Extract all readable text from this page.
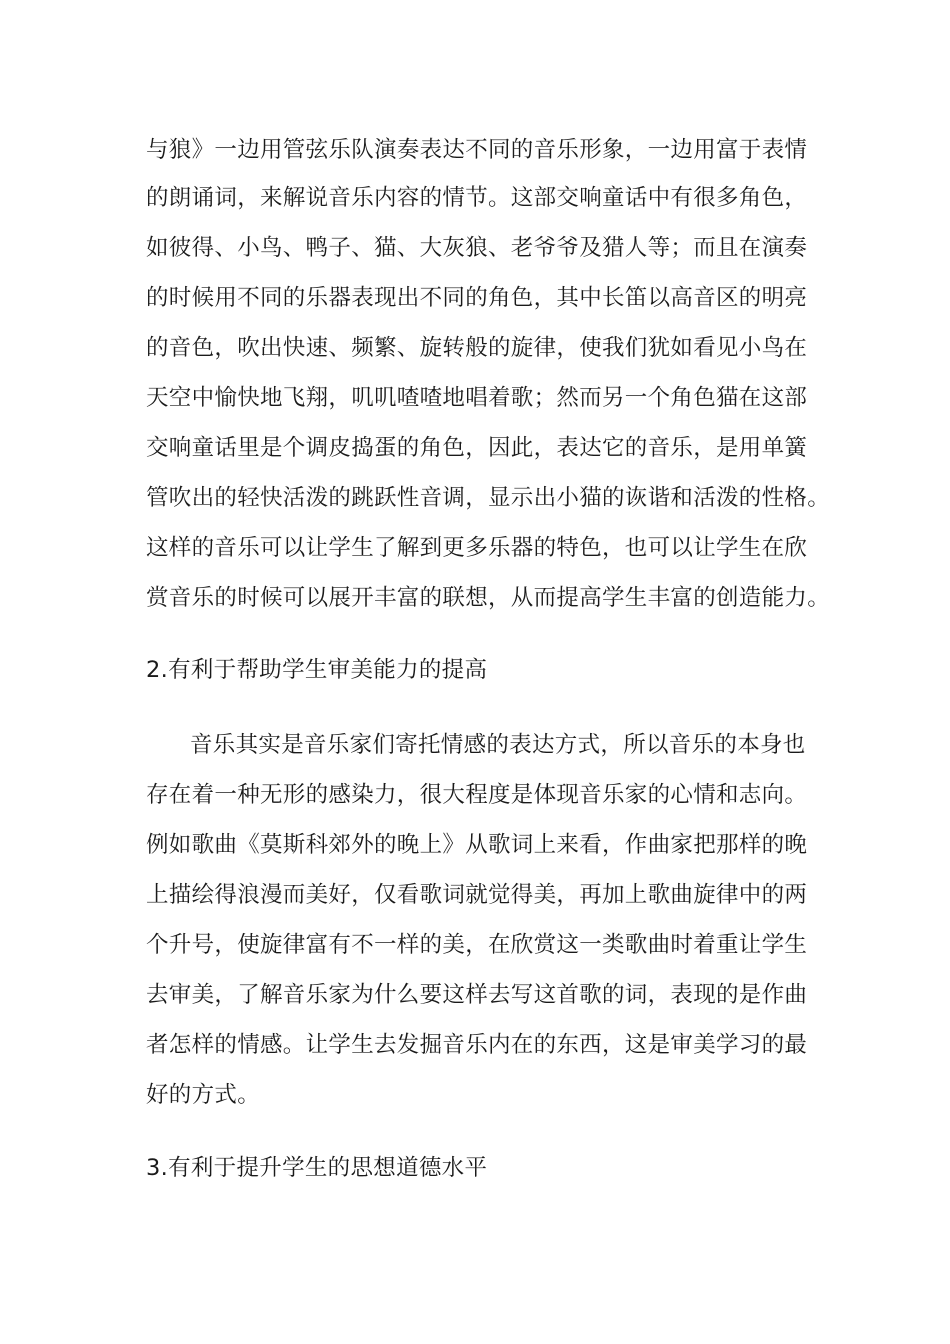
与狼》一边用管弦乐队演奏表达不同的音乐形象，一边用富于表情
的朗诵词，来解说音乐内容的情节。这部交响童话中有很多角色，
如彼得、小鸟、鸭子、猫、大灰狼、老爷爷及猎人等；而且在演奏
的时候用不同的乐器表现出不同的角色，其中长笛以高音区的明亮
的音色，吹出快速、频繁、旋转般的旋律，使我们犹如看见小鸟在
天空中愉快地飞翔，叽叽喳喳地唱着歌；然而另一个角色猫在这部
交响童话里是个调皮捣蛋的角色，因此，表达它的音乐，是用单簧
管吹出的轻快活泼的跳跃性音调，显示出小猫的诙谐和活泼的性格。
这样的音乐可以让学生了解到更多乐器的特色，也可以让学生在欣
赏音乐的时候可以展开丰富的联想，从而提高学生丰富的创造能力。
2.有利于帮助学生审美能力的提高
音乐其实是音乐家们寄托情感的表达方式，所以音乐的本身也
存在着一种无形的感染力，很大程度是体现音乐家的心情和志向。
例如歌曲《莫斯科郊外的晚上》从歌词上来看，作曲家把那样的晚
上描绘得浪漫而美好，仅看歌词就觉得美，再加上歌曲旋律中的两
个升号，使旋律富有不一样的美，在欣赏这一类歌曲时着重让学生
去审美，了解音乐家为什么要这样去写这首歌的词，表现的是作曲
者怎样的情感。让学生去发掘音乐内在的东西，这是审美学习的最
好的方式。
3.有利于提升学生的思想道德水平
